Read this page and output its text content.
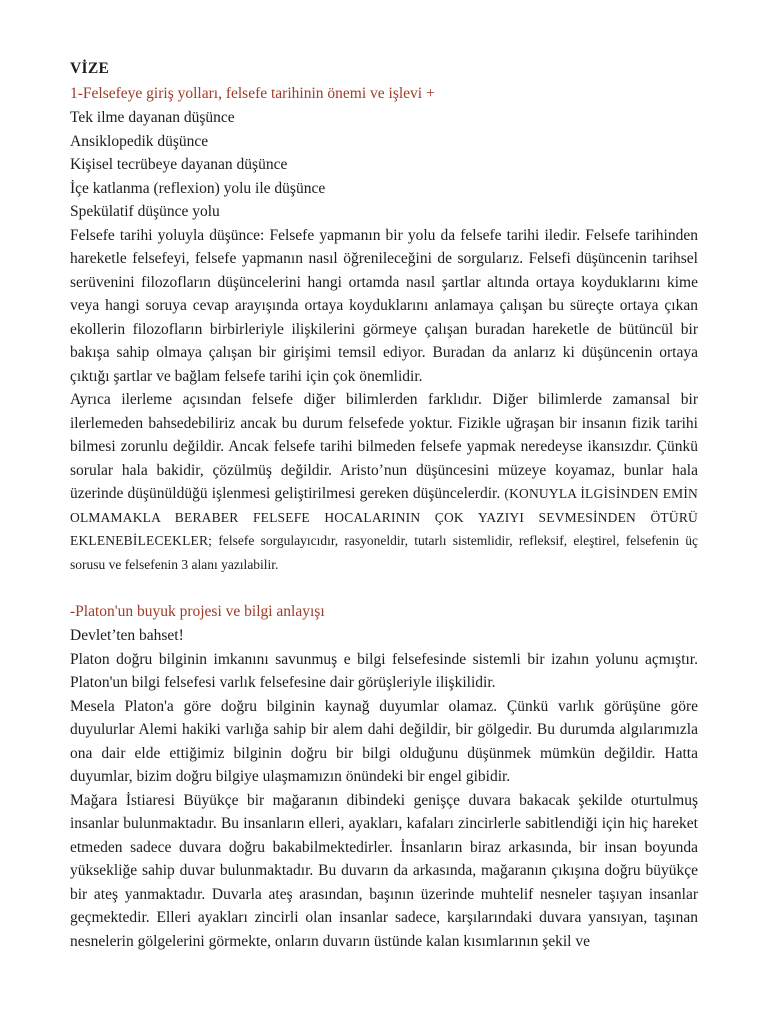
VİZE

1-Felsefeye giriş yolları, felsefe tarihinin önemi ve işlevi +

Tek ilme dayanan düşünce

Ansiklopedik düşünce

Kişisel tecrübeye dayanan düşünce

İçe katlanma (reflexion) yolu ile düşünce

Spekülatif düşünce yolu

Felsefe tarihi yoluyla düşünce: Felsefe yapmanın bir yolu da felsefe tarihi iledir. Felsefe tarihinden hareketle felsefeyi, felsefe yapmanın nasıl öğrenileceğini de sorgularız. Felsefi düşüncenin tarihsel serüvenini filozofların düşüncelerini hangi ortamda nasıl şartlar altında ortaya koyduklarını kime veya hangi soruya cevap arayışında ortaya koyduklarını anlamaya çalışan bu süreçte ortaya çıkan ekollerin filozofların birbirleriyle ilişkilerini görmeye çalışan buradan hareketle de bütüncül bir bakışa sahip olmaya çalışan bir girişimi temsil ediyor. Buradan da anlarız ki düşüncenin ortaya çıktığı şartlar ve bağlam felsefe tarihi için çok önemlidir.

Ayrıca ilerleme açısından felsefe diğer bilimlerden farklıdır. Diğer bilimlerde zamansal bir ilerlemeden bahsedebiliriz ancak bu durum felsefede yoktur. Fizikle uğraşan bir insanın fizik tarihi bilmesi zorunlu değildir. Ancak felsefe tarihi bilmeden felsefe yapmak neredeyse ikansızdır. Çünkü sorular hala bakidir, çözülmüş değildir. Aristo’nun düşüncesini müzeye koyamaz, bunlar hala üzerinde düşünüldüğü işlenmesi geliştirilmesi gereken düşüncelerdir. (KONUYLA İLGİSİNDEN EMİN OLMAMAKLA BERABER FELSEFE HOCALARININ ÇOK YAZIYI SEVMESİNDEN ÖTÜRÜ EKLENEBİLECEKLER; felsefe sorgulayıcıdır, rasyoneldir, tutarlı sistemlidir, refleksif, eleştirel, felsefenin üç sorusu ve felsefenin 3 alanı yazılabilir.

-Platon'un buyuk projesi ve bilgi anlayışı

Devlet’ten bahset!

Platon doğru bilginin imkanını savunmuş e bilgi felsefesinde sistemli bir izahın yolunu açmıştır. Platon'un bilgi felsefesi varlık felsefesine dair görüşleriyle ilişkilidir.

Mesela Platon'a göre doğru bilginin kaynağ duyumlar olamaz. Çünkü varlık görüşüne göre duyulurlar Alemi hakiki varlığa sahip bir alem dahi değildir, bir gölgedir. Bu durumda algılarımızla ona dair elde ettiğimiz bilginin doğru bir bilgi olduğunu düşünmek mümkün değildir. Hatta duyumlar, bizim doğru bilgiye ulaşmamızın önündeki bir engel gibidir.

Mağara İstiaresi Büyükçe bir mağaranın dibindeki genişçe duvara bakacak şekilde oturtulmuş insanlar bulunmaktadır. Bu insanların elleri, ayakları, kafaları zincirlerle sabitlendiği için hiç hareket etmeden sadece duvara doğru bakabilmektedirler. İnsanların biraz arkasında, bir insan boyunda yüksekliğe sahip duvar bulunmaktadır. Bu duvarın da arkasında, mağaranın çıkışına doğru büyükçe bir ateş yanmaktadır. Duvarla ateş arasından, başının üzerinde muhtelif nesneler taşıyan insanlar geçmektedir. Elleri ayakları zincirli olan insanlar sadece, karşılarındaki duvara yansıyan, taşınan nesnelerin gölgelerini görmekte, onların duvarın üstünde kalan kısımlarının şekil ve
